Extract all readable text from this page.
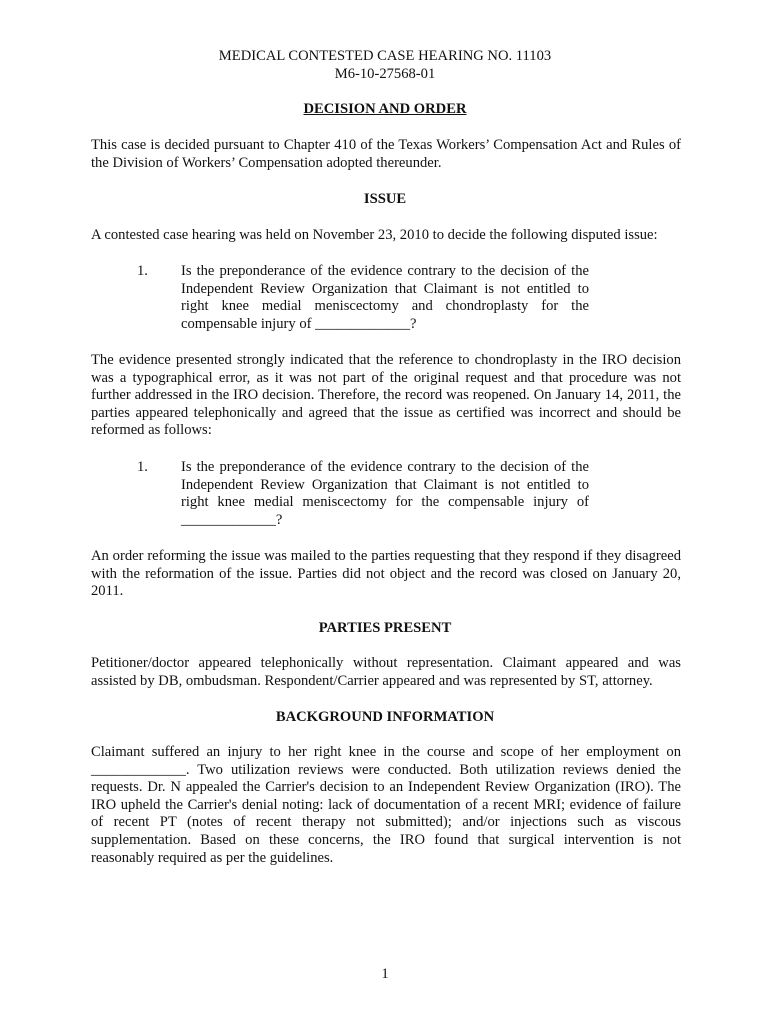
MEDICAL CONTESTED CASE HEARING NO. 11103
M6-10-27568-01
DECISION AND ORDER
This case is decided pursuant to Chapter 410 of the Texas Workers’ Compensation Act and Rules of the Division of Workers’ Compensation adopted thereunder.
ISSUE
A contested case hearing was held on November 23, 2010 to decide the following disputed issue:
1. Is the preponderance of the evidence contrary to the decision of the Independent Review Organization that Claimant is not entitled to right knee medial meniscectomy and chondroplasty for the compensable injury of _____________?
The evidence presented strongly indicated that the reference to chondroplasty in the IRO decision was a typographical error, as it was not part of the original request and that procedure was not further addressed in the IRO decision. Therefore, the record was reopened. On January 14, 2011, the parties appeared telephonically and agreed that the issue as certified was incorrect and should be reformed as follows:
1. Is the preponderance of the evidence contrary to the decision of the Independent Review Organization that Claimant is not entitled to right knee medial meniscectomy for the compensable injury of _____________?
An order reforming the issue was mailed to the parties requesting that they respond if they disagreed with the reformation of the issue. Parties did not object and the record was closed on January 20, 2011.
PARTIES PRESENT
Petitioner/doctor appeared telephonically without representation. Claimant appeared and was assisted by DB, ombudsman. Respondent/Carrier appeared and was represented by ST, attorney.
BACKGROUND INFORMATION
Claimant suffered an injury to her right knee in the course and scope of her employment on _____________. Two utilization reviews were conducted. Both utilization reviews denied the requests. Dr. N appealed the Carrier's decision to an Independent Review Organization (IRO). The IRO upheld the Carrier's denial noting: lack of documentation of a recent MRI; evidence of failure of recent PT (notes of recent therapy not submitted); and/or injections such as viscous supplementation. Based on these concerns, the IRO found that surgical intervention is not reasonably required as per the guidelines.
1
